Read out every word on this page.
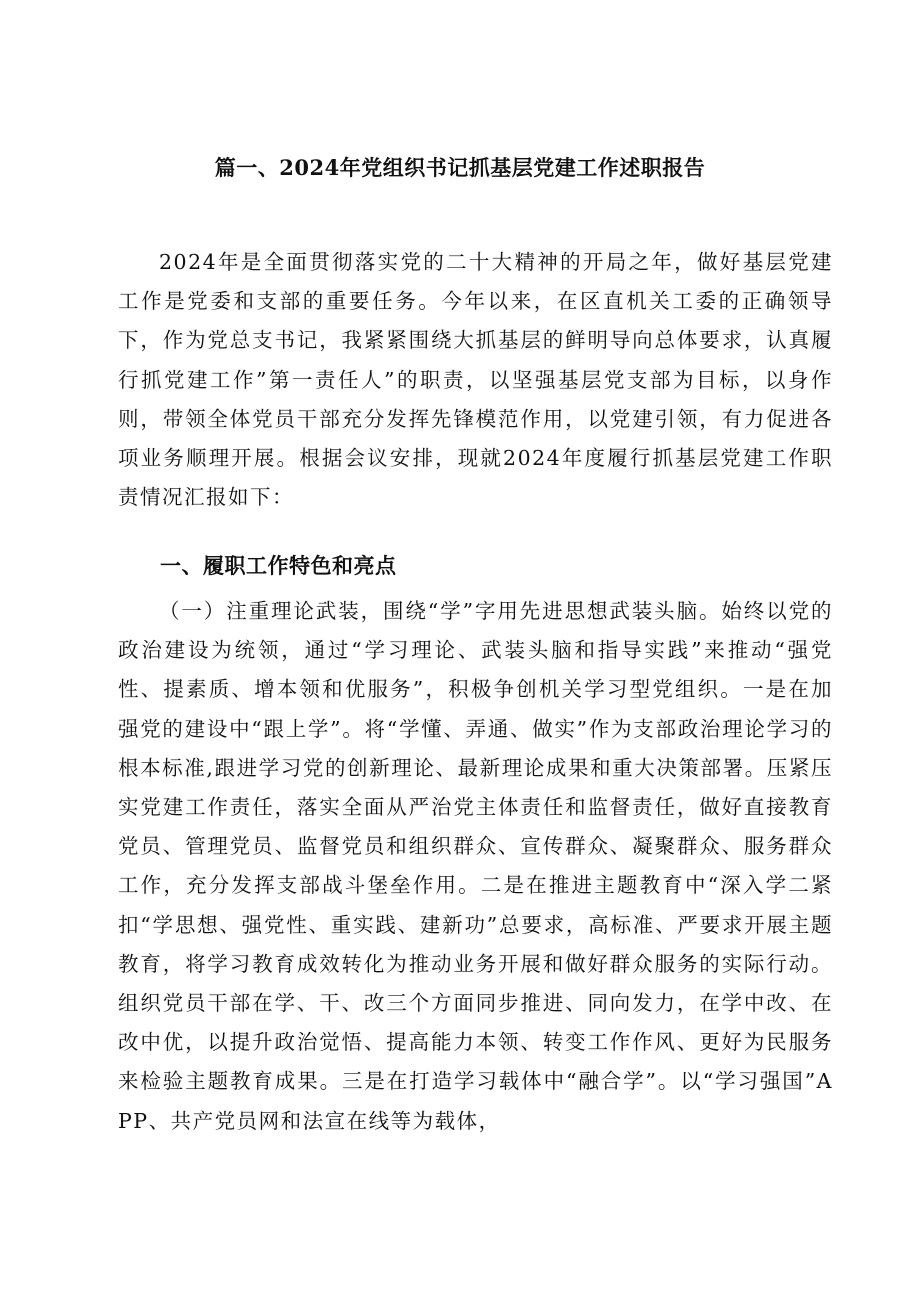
篇一、2024年党组织书记抓基层党建工作述职报告

2024年是全面贯彻落实党的二十大精神的开局之年，做好基层党建工作是党委和支部的重要任务。今年以来，在区直机关工委的正确领导下，作为党总支书记，我紧紧围绕大抓基层的鲜明导向总体要求，认真履行抓党建工作”第一责任人”的职责，以坚强基层党支部为目标，以身作则，带领全体党员干部充分发挥先锋模范作用，以党建引领，有力促进各项业务顺理开展。根据会议安排，现就2024年度履行抓基层党建工作职责情况汇报如下：

一、履职工作特色和亮点

（一）注重理论武装，围绕“学”字用先进思想武装头脑。始终以党的政治建设为统领，通过“学习理论、武装头脑和指导实践”来推动“强党性、提素质、增本领和优服务”，积极争创机关学习型党组织。一是在加强党的建设中“跟上学”。将“学懂、弄通、做实”作为支部政治理论学习的根本标准,跟进学习党的创新理论、最新理论成果和重大决策部署。压紧压实党建工作责任，落实全面从严治党主体责任和监督责任，做好直接教育党员、管理党员、监督党员和组织群众、宣传群众、凝聚群众、服务群众工作，充分发挥支部战斗堡垒作用。二是在推进主题教育中“深入学二紧扣“学思想、强党性、重实践、建新功”总要求，高标准、严要求开展主题教育，将学习教育成效转化为推动业务开展和做好群众服务的实际行动。组织党员干部在学、干、改三个方面同步推进、同向发力，在学中改、在改中优，以提升政治觉悟、提高能力本领、转变工作作风、更好为民服务来检验主题教育成果。三是在打造学习载体中“融合学”。以“学习强国”APP、共产党员网和法宣在线等为载体，
